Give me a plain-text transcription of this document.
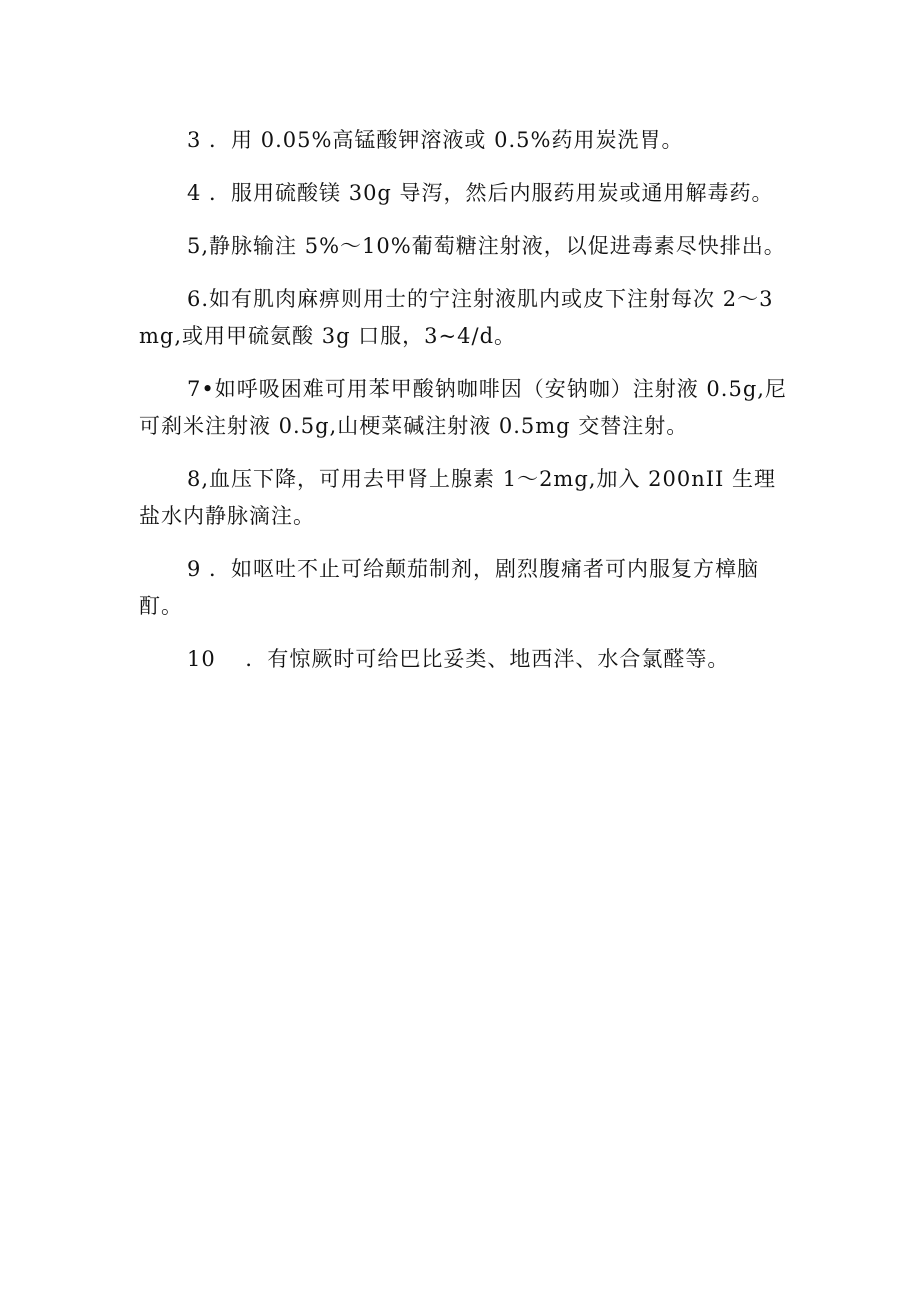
3 ．用 0.05%高锰酸钾溶液或 0.5%药用炭洗胃。

4 ．服用硫酸镁 30g 导泻，然后内服药用炭或通用解毒药。

5,静脉输注 5%～10%葡萄糖注射液，以促进毒素尽快排出。

6.如有肌肉麻痹则用士的宁注射液肌内或皮下注射每次 2～3mg,或用甲硫氨酸 3g 口服，3~4/d。

7•如呼吸困难可用苯甲酸钠咖啡因（安钠咖）注射液 0.5g,尼可刹米注射液 0.5g,山梗菜碱注射液 0.5mg 交替注射。

8,血压下降，可用去甲肾上腺素 1～2mg,加入 200nII 生理盐水内静脉滴注。

9 ．如呕吐不止可给颠茄制剂，剧烈腹痛者可内服复方樟脑酊。

10　 ．有惊厥时可给巴比妥类、地西泮、水合氯醛等。
